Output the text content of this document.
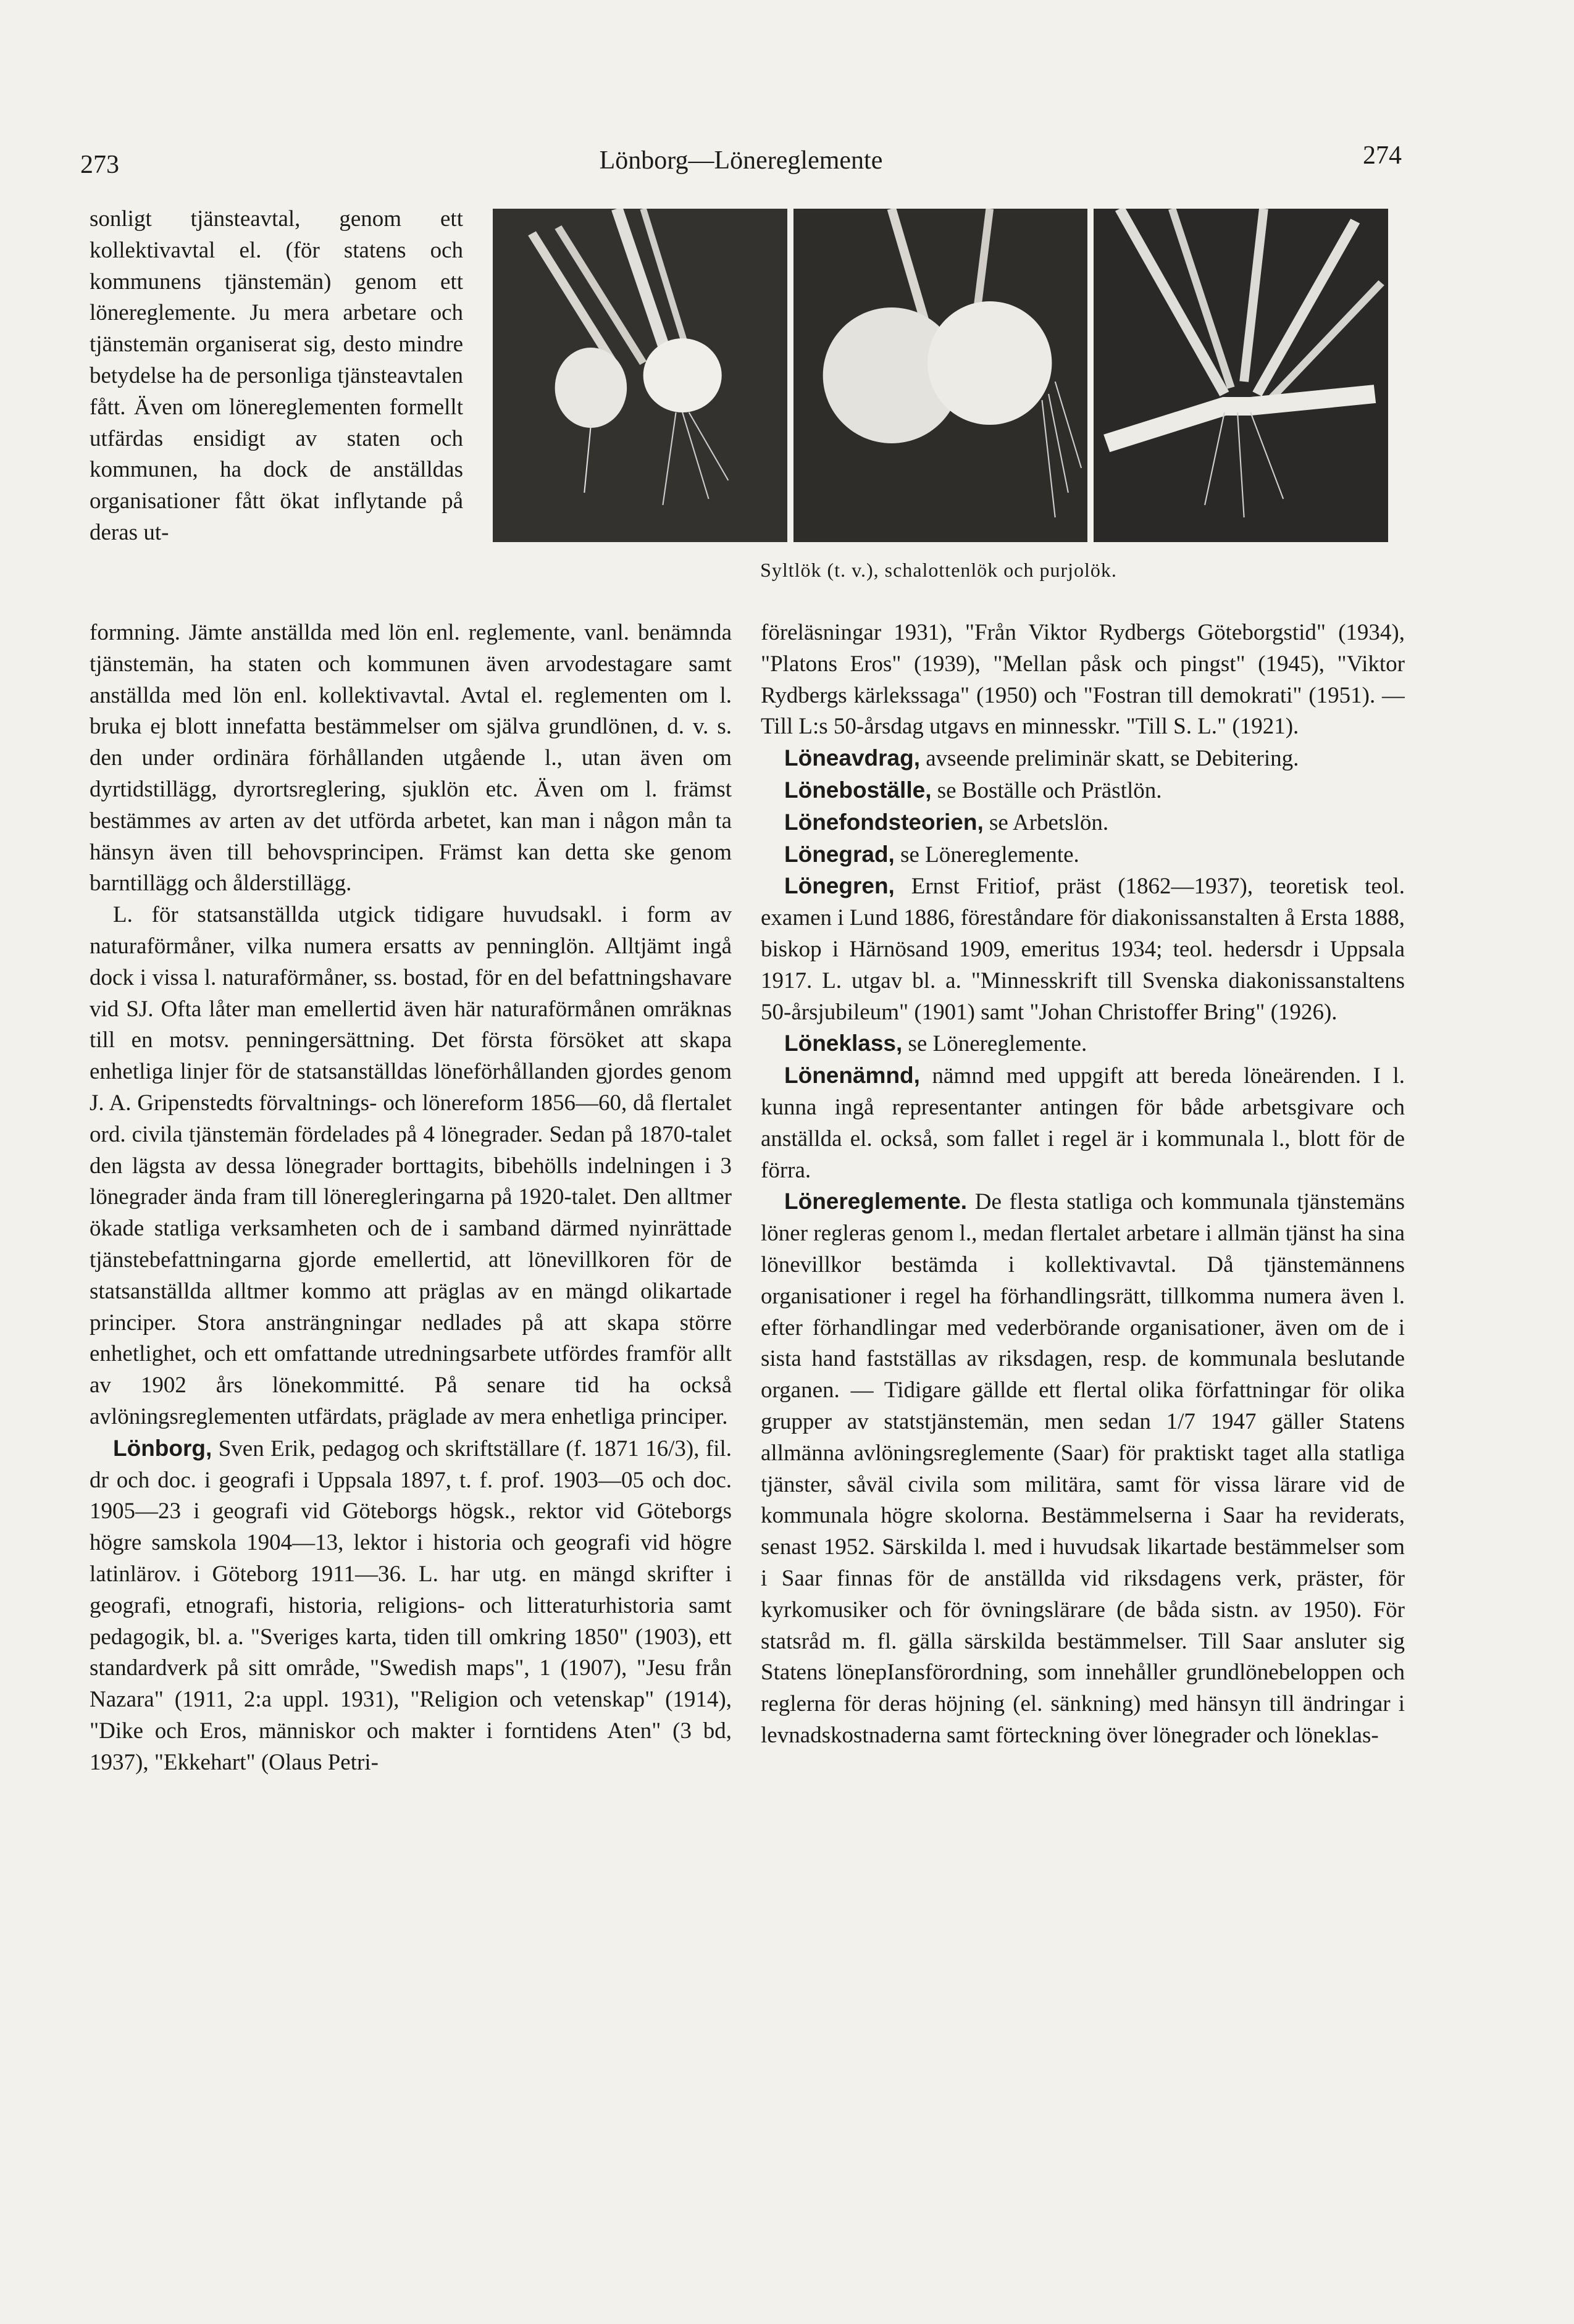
273	Lönborg—Lönereglemente	274
Syltlök (t. v.), schalottenlök och purjolök.

sonligt tjänsteavtal, genom ett kollektivavtal el. (för statens och kommunens tjänstemän) genom ett lönereglemente. Ju mera arbetare och tjänstemän organiserat sig, desto mindre betydelse ha de personliga tjänsteavtalen fått. Även om lönereglementen formellt utfärdas ensidigt av staten och kommunen, ha dock de anställdas organisationer fått ökat inflytande på deras ut-

formning. Jämte anställda med lön enl. reglemente, vanl. benämnda tjänstemän, ha staten och kommunen även arvodestagare samt anställda med lön enl. kollektivavtal. Avtal el. reglementen om l. bruka ej blott innefatta bestämmelser om själva grundlönen, d. v. s. den under ordinära förhållanden utgående l., utan även om dyrtidstillägg, dyrortsreglering, sjuklön etc. Även om l. främst bestämmes av arten av det utförda arbetet, kan man i någon mån ta hänsyn även till behovsprincipen. Främst kan detta ske genom barntillägg och ålderstillägg.

L. för statsanställda utgick tidigare huvudsakl. i form av naturaförmåner, vilka numera ersatts av penninglön. Alltjämt ingå dock i vissa l. naturaförmåner, ss. bostad, för en del befattningshavare vid SJ. Ofta låter man emellertid även här naturaförmånen omräknas till en motsv. penningersättning. Det första försöket att skapa enhetliga linjer för de statsanställdas löneförhållanden gjordes genom J. A. Gripenstedts förvaltnings- och lönereform 1856—60, då flertalet ord. civila tjänstemän fördelades på 4 lönegrader. Sedan på 1870-talet den lägsta av dessa lönegrader borttagits, bibehölls indelningen i 3 lönegrader ända fram till löneregleringarna på 1920-talet. Den alltmer ökade statliga verksamheten och de i samband därmed nyinrättade tjänstebefattningarna gjorde emellertid, att lönevillkoren för de statsanställda alltmer kommo att präglas av en mängd olikartade principer. Stora ansträngningar nedlades på att skapa större enhetlighet, och ett omfattande utredningsarbete utfördes framför allt av 1902 års lönekommitté. På senare tid ha också avlöningsreglementen utfärdats, präglade av mera enhetliga principer.

Lönborg, Sven Erik, pedagog och skriftställare (f. 1871 16/3), fil. dr och doc. i geografi i Uppsala 1897, t. f. prof. 1903—05 och doc. 1905—23 i geografi vid Göteborgs högsk., rektor vid Göteborgs högre samskola 1904—13, lektor i historia och geografi vid högre latinlärov. i Göteborg 1911—36. L. har utg. en mängd skrifter i geografi, etnografi, historia, religions- och litteraturhistoria samt pedagogik, bl. a. "Sveriges karta, tiden till omkring 1850" (1903), ett standardverk på sitt område, "Swedish maps", 1 (1907), "Jesu från Nazara" (1911, 2:a uppl. 1931), "Religion och vetenskap" (1914), "Dike och Eros, människor och makter i forntidens Aten" (3 bd, 1937), "Ekkehart" (Olaus Petri-

föreläsningar 1931), "Från Viktor Rydbergs Göteborgstid" (1934), "Platons Eros" (1939), "Mellan påsk och pingst" (1945), "Viktor Rydbergs kärlekssaga" (1950) och "Fostran till demokrati" (1951). — Till L:s 50-årsdag utgavs en minnesskr. "Till S. L." (1921).

Löneavdrag, avseende preliminär skatt, se Debitering.

Löneboställe, se Boställe och Prästlön.

Lönefondsteorien, se Arbetslön.

Lönegrad, se Lönereglemente.

Lönegren, Ernst Fritiof, präst (1862—1937), teoretisk teol. examen i Lund 1886, föreståndare för diakonissanstalten å Ersta 1888, biskop i Härnösand 1909, emeritus 1934; teol. hedersdr i Uppsala 1917. L. utgav bl. a. "Minnesskrift till Svenska diakonissanstaltens 50-årsjubileum" (1901) samt "Johan Christoffer Bring" (1926).

Löneklass, se Lönereglemente.

Lönenämnd, nämnd med uppgift att bereda löneärenden. I l. kunna ingå representanter antingen för både arbetsgivare och anställda el. också, som fallet i regel är i kommunala l., blott för de förra.

Lönereglemente. De flesta statliga och kommunala tjänstemäns löner regleras genom l., medan flertalet arbetare i allmän tjänst ha sina lönevillkor bestämda i kollektivavtal. Då tjänstemännens organisationer i regel ha förhandlingsrätt, tillkomma numera även l. efter förhandlingar med vederbörande organisationer, även om de i sista hand fastställas av riksdagen, resp. de kommunala beslutande organen. — Tidigare gällde ett flertal olika författningar för olika grupper av statstjänstemän, men sedan 1/7 1947 gäller Statens allmänna avlöningsreglemente (Saar) för praktiskt taget alla statliga tjänster, såväl civila som militära, samt för vissa lärare vid de kommunala högre skolorna. Bestämmelserna i Saar ha reviderats, senast 1952. Särskilda l. med i huvudsak likartade bestämmelser som i Saar finnas för de anställda vid riksdagens verk, präster, för kyrkomusiker och för övningslärare (de båda sistn. av 1950). För statsråd m. fl. gälla särskilda bestämmelser. Till Saar ansluter sig Statens lönepIansförordning, som innehåller grundlönebeloppen och reglerna för deras höjning (el. sänkning) med hänsyn till ändringar i levnadskostnaderna samt förteckning över lönegrader och löneklas-
